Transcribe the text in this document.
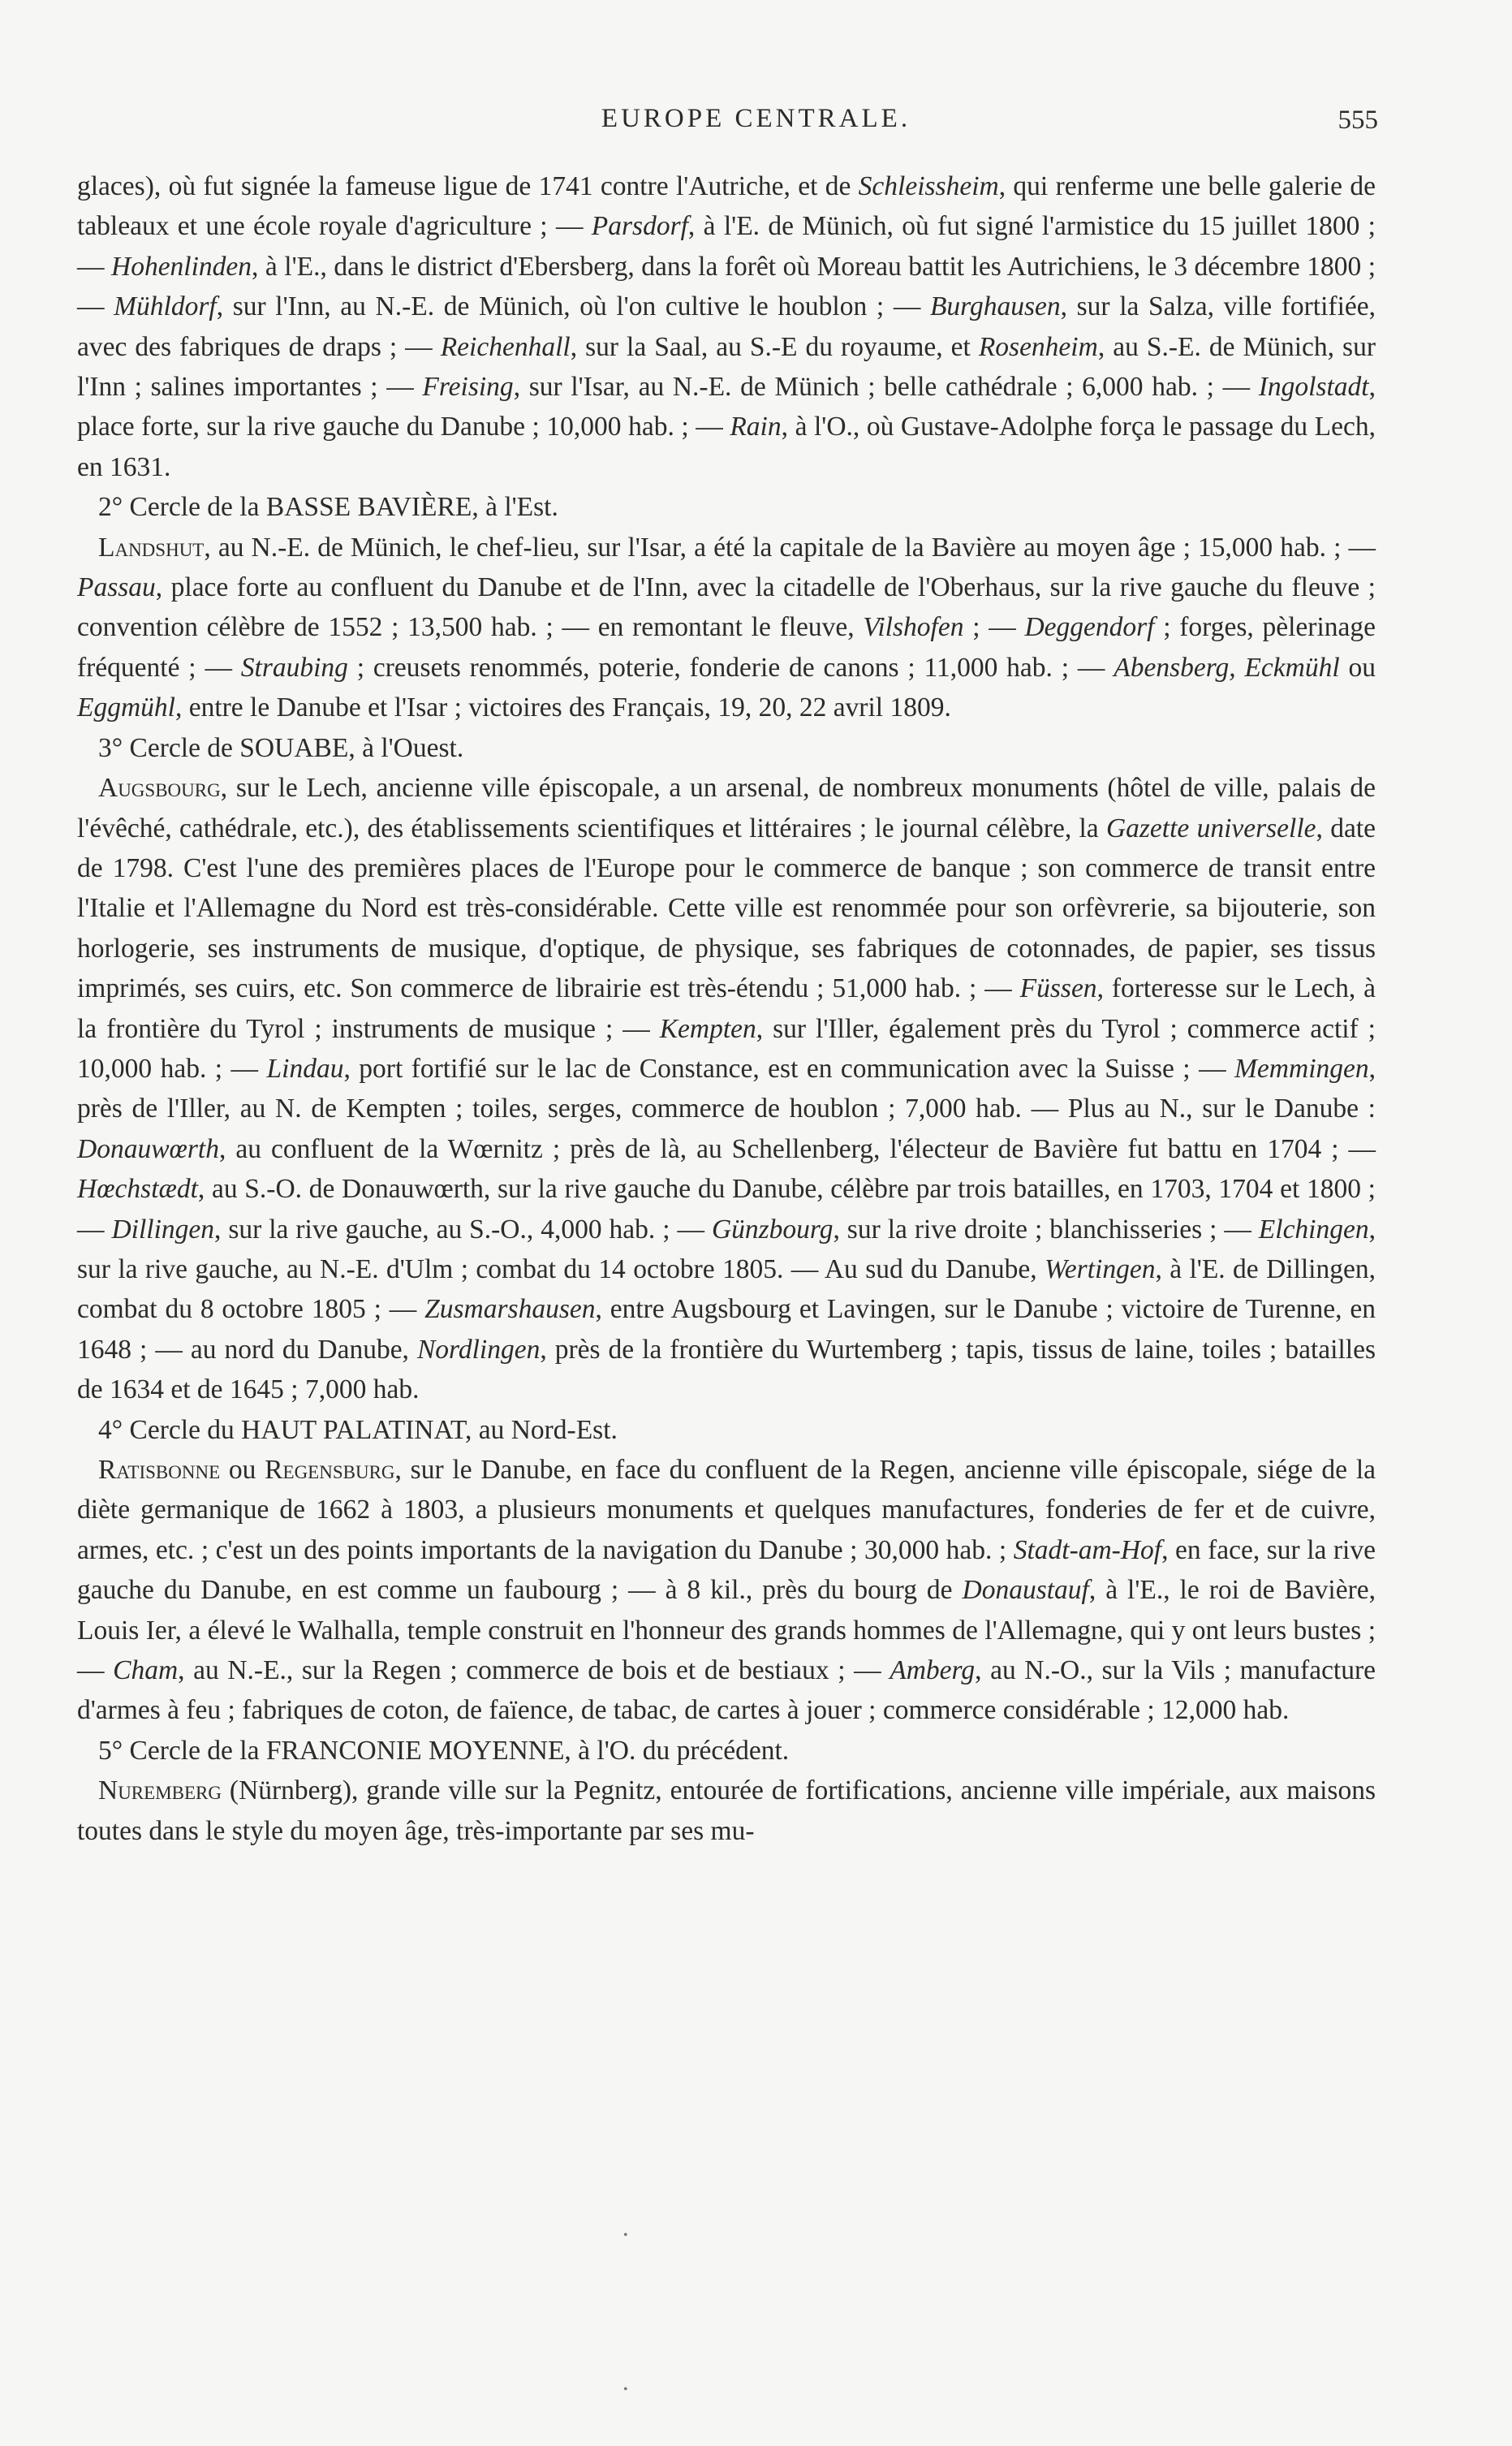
EUROPE CENTRALE.	555

glaces), où fut signée la fameuse ligue de 1741 contre l'Autriche, et de Schleissheim, qui renferme une belle galerie de tableaux et une école royale d'agriculture ; — Parsdorf, à l'E. de Münich, où fut signé l'armistice du 15 juillet 1800 ; — Hohenlinden, à l'E., dans le district d'Ebersberg, dans la forêt où Moreau battit les Autrichiens, le 3 décembre 1800 ; — Mühldorf, sur l'Inn, au N.-E. de Münich, où l'on cultive le houblon ; — Burghausen, sur la Salza, ville fortifiée, avec des fabriques de draps ; — Reichenhall, sur la Saal, au S.-E du royaume, et Rosenheim, au S.-E. de Münich, sur l'Inn ; salines importantes ; — Freising, sur l'Isar, au N.-E. de Münich ; belle cathédrale ; 6,000 hab. ; — Ingolstadt, place forte, sur la rive gauche du Danube ; 10,000 hab. ; — Rain, à l'O., où Gustave-Adolphe força le passage du Lech, en 1631.

2° Cercle de la BASSE BAVIÈRE, à l'Est.

Landshut, au N.-E. de Münich, le chef-lieu, sur l'Isar, a été la capitale de la Bavière au moyen âge ; 15,000 hab. ; — Passau, place forte au confluent du Danube et de l'Inn, avec la citadelle de l'Oberhaus, sur la rive gauche du fleuve ; convention célèbre de 1552 ; 13,500 hab. ; — en remontant le fleuve, Vilshofen ; — Deggendorf ; forges, pèlerinage fréquenté ; — Straubing ; creusets renommés, poterie, fonderie de canons ; 11,000 hab. ; — Abensberg, Eckmühl ou Eggmühl, entre le Danube et l'Isar ; victoires des Français, 19, 20, 22 avril 1809.

3° Cercle de SOUABE, à l'Ouest.

Augsbourg, sur le Lech, ancienne ville épiscopale, a un arsenal, de nombreux monuments (hôtel de ville, palais de l'évêché, cathédrale, etc.), des établissements scientifiques et littéraires ; le journal célèbre, la Gazette universelle, date de 1798. C'est l'une des premières places de l'Europe pour le commerce de banque ; son commerce de transit entre l'Italie et l'Allemagne du Nord est très-considérable. Cette ville est renommée pour son orfèvrerie, sa bijouterie, son horlogerie, ses instruments de musique, d'optique, de physique, ses fabriques de cotonnades, de papier, ses tissus imprimés, ses cuirs, etc. Son commerce de librairie est très-étendu ; 51,000 hab. ; — Füssen, forteresse sur le Lech, à la frontière du Tyrol ; instruments de musique ; — Kempten, sur l'Iller, également près du Tyrol ; commerce actif ; 10,000 hab. ; — Lindau, port fortifié sur le lac de Constance, est en communication avec la Suisse ; — Memmingen, près de l'Iller, au N. de Kempten ; toiles, serges, commerce de houblon ; 7,000 hab. — Plus au N., sur le Danube : Donauwœrth, au confluent de la Wœrnitz ; près de là, au Schellenberg, l'électeur de Bavière fut battu en 1704 ; — Hœchstædt, au S.-O. de Donauwœrth, sur la rive gauche du Danube, célèbre par trois batailles, en 1703, 1704 et 1800 ; — Dillingen, sur la rive gauche, au S.-O., 4,000 hab. ; — Günzbourg, sur la rive droite ; blanchisseries ; — Elchingen, sur la rive gauche, au N.-E. d'Ulm ; combat du 14 octobre 1805. — Au sud du Danube, Wertingen, à l'E. de Dillingen, combat du 8 octobre 1805 ; — Zusmarshausen, entre Augsbourg et Lavingen, sur le Danube ; victoire de Turenne, en 1648 ; — au nord du Danube, Nordlingen, près de la frontière du Wurtemberg ; tapis, tissus de laine, toiles ; batailles de 1634 et de 1645 ; 7,000 hab.

4° Cercle du HAUT PALATINAT, au Nord-Est.

Ratisbonne ou Regensburg, sur le Danube, en face du confluent de la Regen, ancienne ville épiscopale, siége de la diète germanique de 1662 à 1803, a plusieurs monuments et quelques manufactures, fonderies de fer et de cuivre, armes, etc. ; c'est un des points importants de la navigation du Danube ; 30,000 hab. ; Stadt-am-Hof, en face, sur la rive gauche du Danube, en est comme un faubourg ; — à 8 kil., près du bourg de Donaustauf, à l'E., le roi de Bavière, Louis Ier, a élevé le Walhalla, temple construit en l'honneur des grands hommes de l'Allemagne, qui y ont leurs bustes ; — Cham, au N.-E., sur la Regen ; commerce de bois et de bestiaux ; — Amberg, au N.-O., sur la Vils ; manufacture d'armes à feu ; fabriques de coton, de faïence, de tabac, de cartes à jouer ; commerce considérable ; 12,000 hab.

5° Cercle de la FRANCONIE MOYENNE, à l'O. du précédent.

Nuremberg (Nürnberg), grande ville sur la Pegnitz, entourée de fortifications, ancienne ville impériale, aux maisons toutes dans le style du moyen âge, très-importante par ses mu-

•
•
